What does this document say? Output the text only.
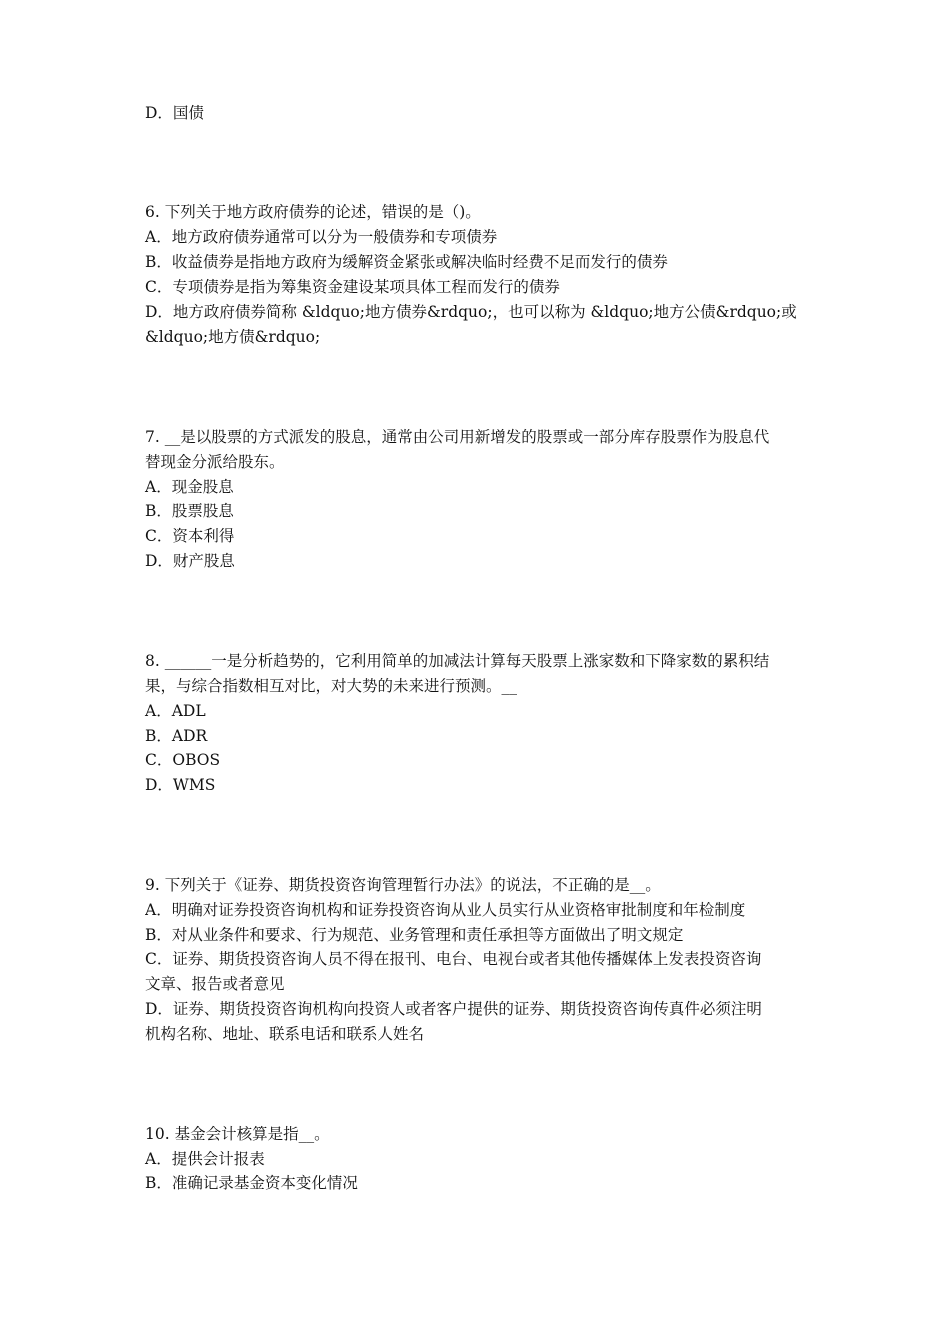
D．国债
6. 下列关于地方政府债券的论述，错误的是（)。
A．地方政府债券通常可以分为一般债券和专项债券
B．收益债券是指地方政府为缓解资金紧张或解决临时经费不足而发行的债券
C．专项债券是指为筹集资金建设某项具体工程而发行的债券
D．地方政府债券简称 &ldquo;地方债券&rdquo;，也可以称为 &ldquo;地方公债&rdquo;或
&ldquo;地方债&rdquo;
7. __是以股票的方式派发的股息，通常由公司用新增发的股票或一部分库存股票作为股息代
替现金分派给股东。
A．现金股息
B．股票股息
C．资本利得
D．财产股息
8. ______一是分析趋势的，它利用简单的加减法计算每天股票上涨家数和下降家数的累积结
果，与综合指数相互对比，对大势的未来进行预测。__
A．ADL
B．ADR
C．OBOS
D．WMS
9. 下列关于《证券、期货投资咨询管理暂行办法》的说法，不正确的是__。
A．明确对证券投资咨询机构和证券投资咨询从业人员实行从业资格审批制度和年检制度
B．对从业条件和要求、行为规范、业务管理和责任承担等方面做出了明文规定
C．证券、期货投资咨询人员不得在报刊、电台、电视台或者其他传播媒体上发表投资咨询
文章、报告或者意见
D．证券、期货投资咨询机构向投资人或者客户提供的证券、期货投资咨询传真件必须注明
机构名称、地址、联系电话和联系人姓名
10. 基金会计核算是指__。
A．提供会计报表
B．准确记录基金资本变化情况
